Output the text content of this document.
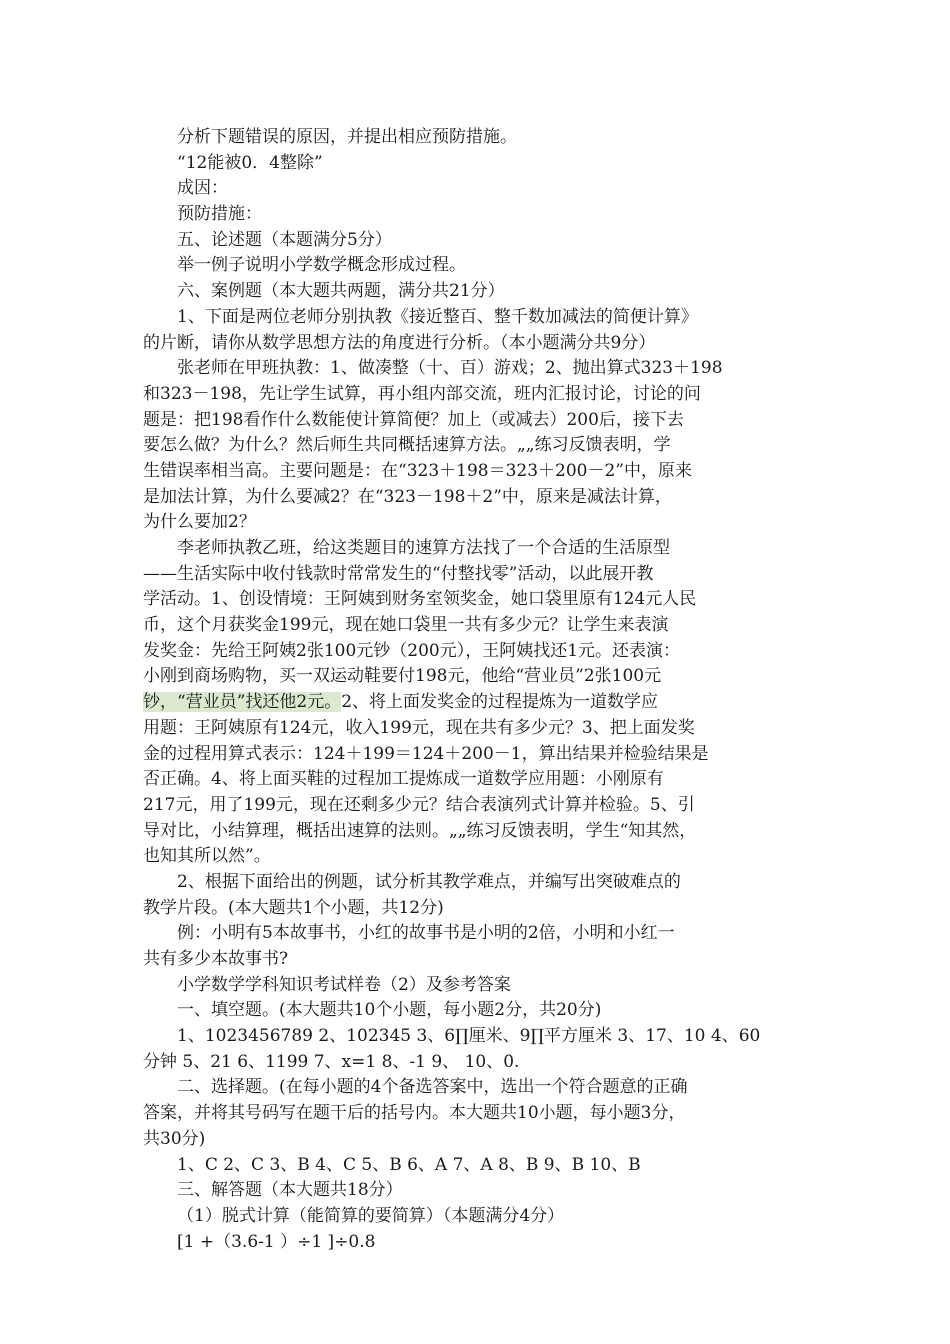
分析下题错误的原因，并提出相应预防措施。
“12能被0．4整除”
成因：
预防措施：
五、论述题（本题满分5分）
举一例子说明小学数学概念形成过程。
六、案例题（本大题共两题，满分共21分）
1、下面是两位老师分别执教《接近整百、整千数加减法的简便计算》
的片断，请你从数学思想方法的角度进行分析。（本小题满分共9分）
张老师在甲班执教：1、做凑整（十、百）游戏；2、抛出算式323＋198
和323－198，先让学生试算，再小组内部交流，班内汇报讨论，讨论的问
题是：把198看作什么数能使计算简便？加上（或减去）200后，接下去
要怎么做？为什么？然后师生共同概括速算方法。„„练习反馈表明，学
生错误率相当高。主要问题是：在“323＋198＝323＋200－2”中，原来
是加法计算，为什么要减2？在“323－198＋2”中，原来是减法计算，
为什么要加2？
李老师执教乙班，给这类题目的速算方法找了一个合适的生活原型
——生活实际中收付钱款时常常发生的“付整找零”活动，以此展开教
学活动。1、创设情境：王阿姨到财务室领奖金，她口袋里原有124元人民
币，这个月获奖金199元，现在她口袋里一共有多少元？让学生来表演
发奖金：先给王阿姨2张100元钞（200元），王阿姨找还1元。还表演：
小刚到商场购物，买一双运动鞋要付198元，他给“营业员”2张100元
钞，“营业员”找还他2元。2、将上面发奖金的过程提炼为一道数学应
用题：王阿姨原有124元，收入199元，现在共有多少元？3、把上面发奖
金的过程用算式表示：124＋199＝124＋200－1，算出结果并检验结果是
否正确。4、将上面买鞋的过程加工提炼成一道数学应用题：小刚原有
217元，用了199元，现在还剩多少元？结合表演列式计算并检验。5、引
导对比，小结算理，概括出速算的法则。„„练习反馈表明，学生“知其然，
也知其所以然”。
2、根据下面给出的例题，试分析其教学难点，并编写出突破难点的
教学片段。(本大题共1个小题，共12分)
例：小明有5本故事书，小红的故事书是小明的2倍，小明和小红一
共有多少本故事书?
小学数学学科知识考试样卷（2）及参考答案
一、填空题。(本大题共10个小题，每小题2分，共20分)
1、1023456789 2、102345 3、6∏厘米、9∏平方厘米 3、17、10 4、60
分钟 5、21 6、1199 7、x=1 8、-1 9、 10、0.
二、选择题。(在每小题的4个备选答案中，选出一个符合题意的正确
答案，并将其号码写在题干后的括号内。本大题共10小题，每小题3分，
共30分)
1、C 2、C 3、B 4、C 5、B 6、A 7、A 8、B 9、B 10、B
三、解答题（本大题共18分）
（1）脱式计算（能简算的要简算）（本题满分4分）
[1 +（3.6-1 ）÷1 ]÷0.8
